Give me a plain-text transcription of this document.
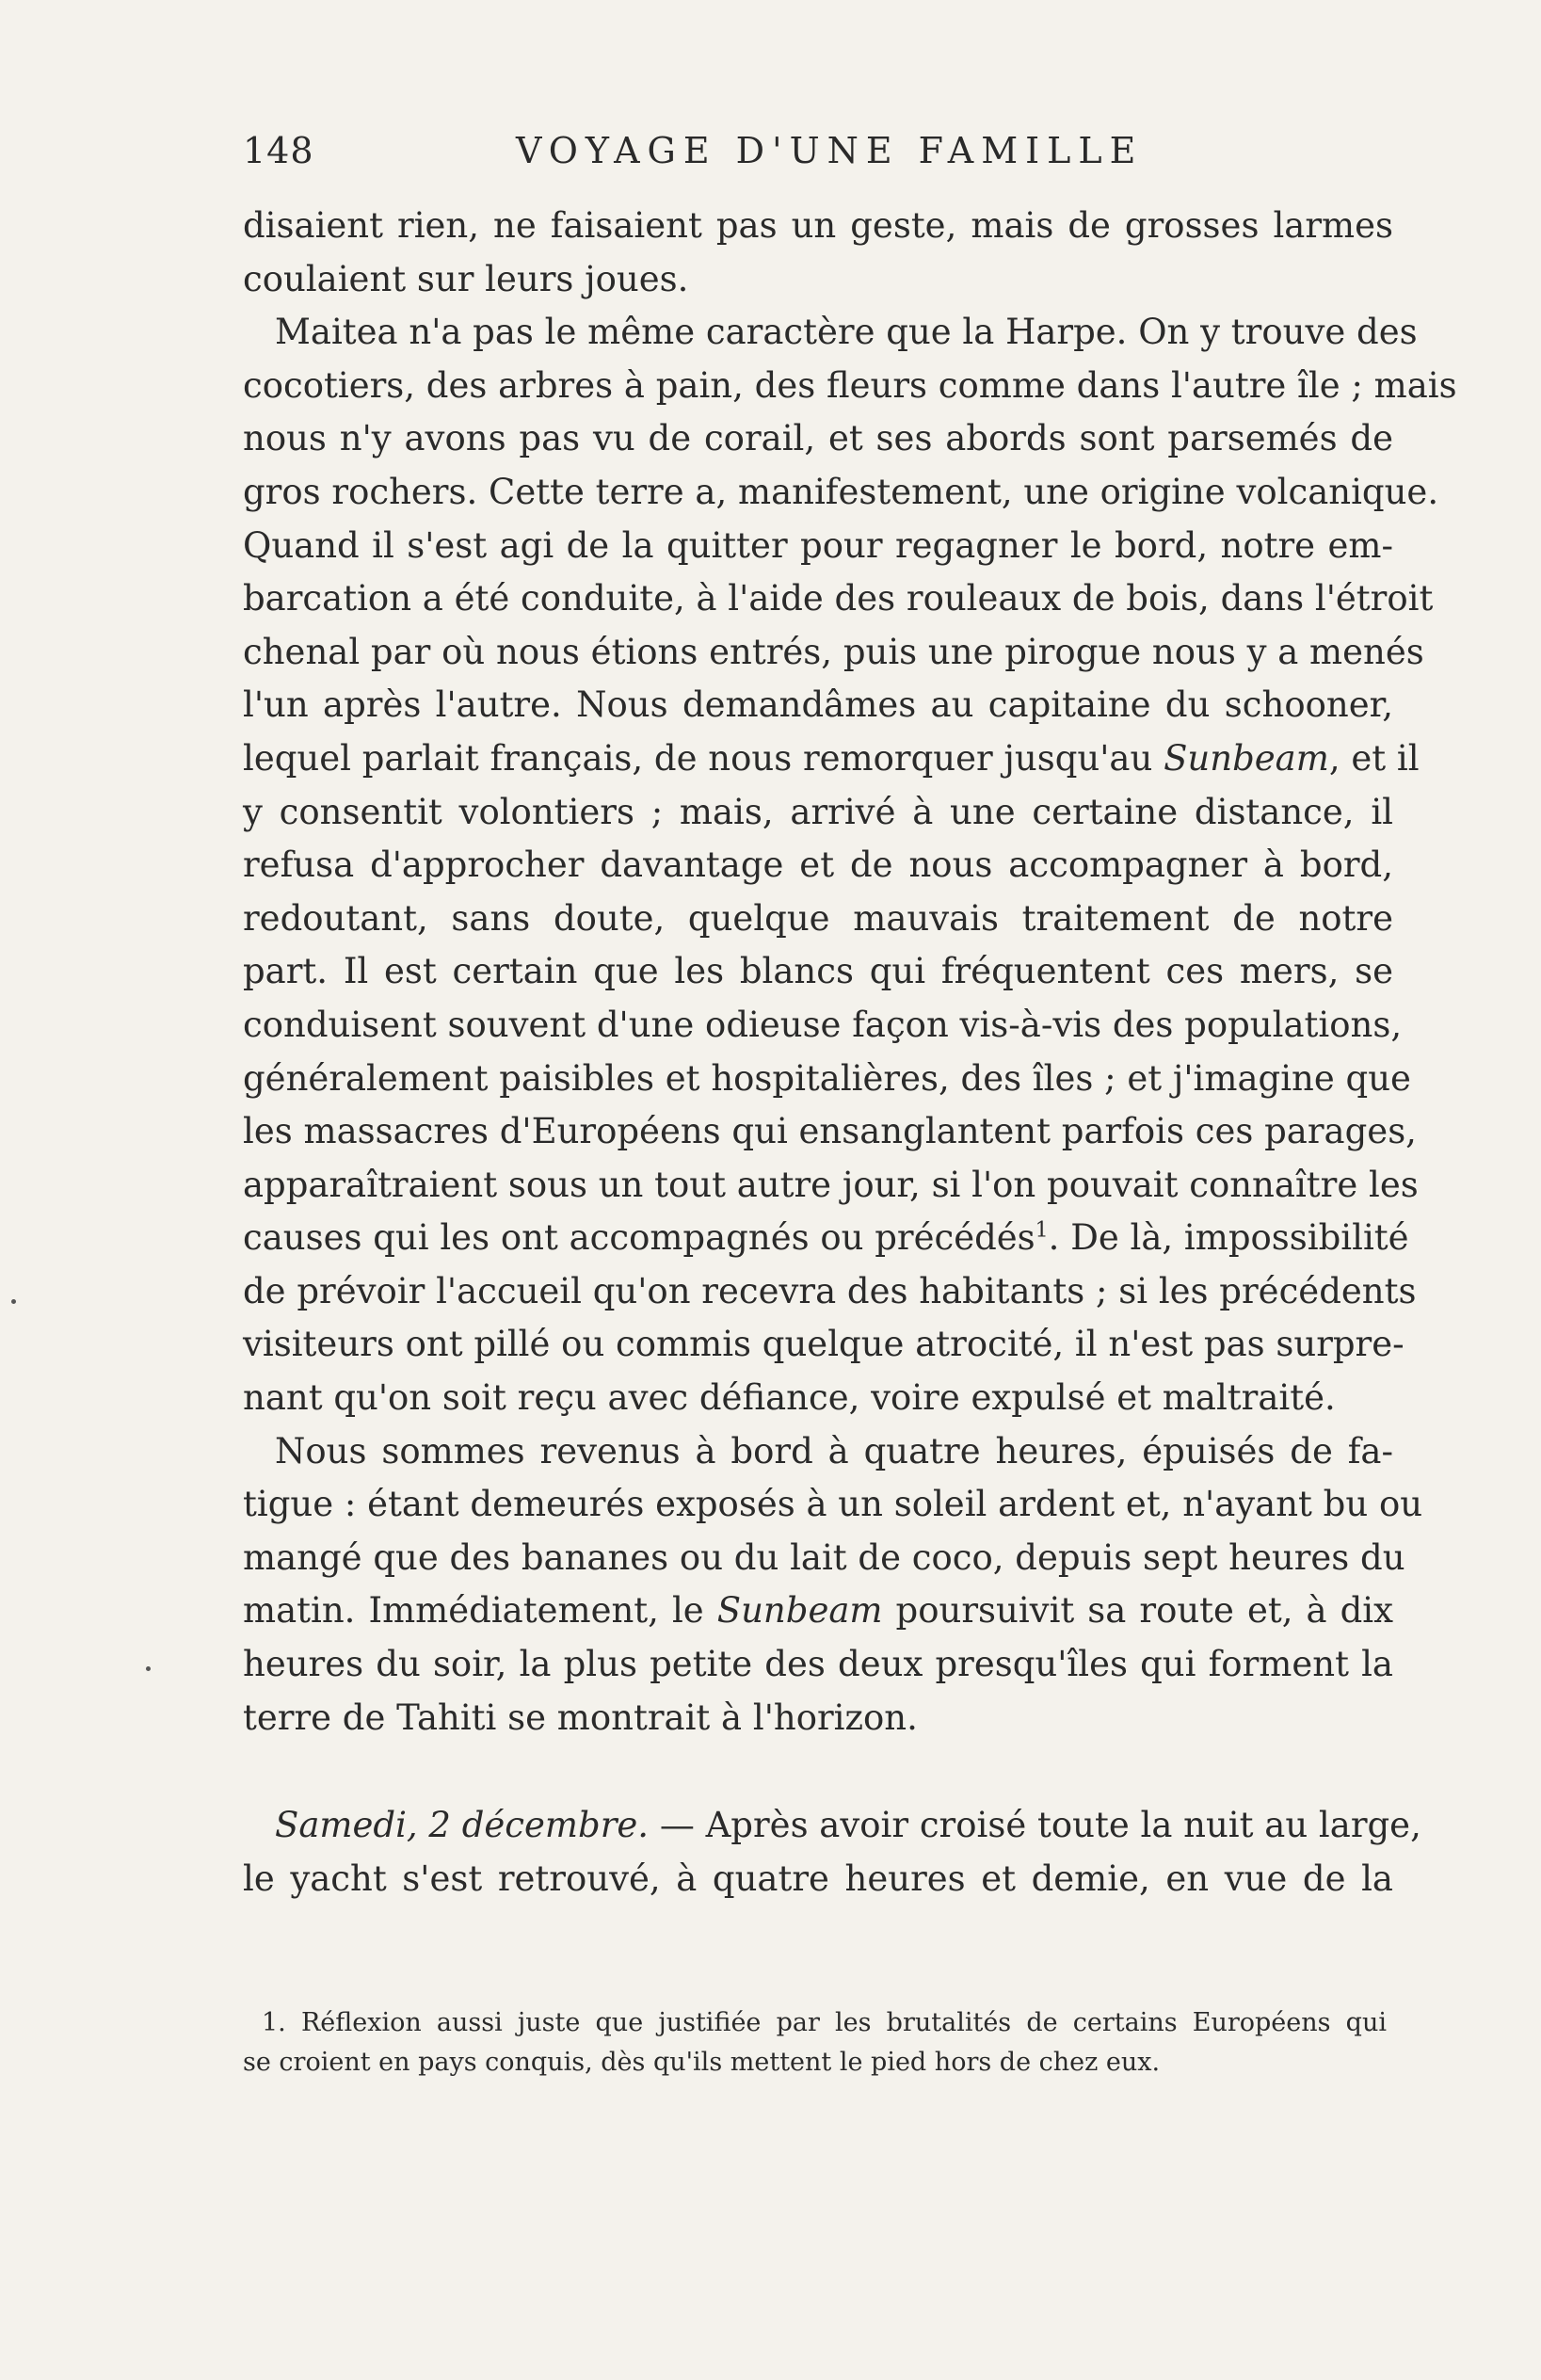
148	VOYAGE D'UNE FAMILLE
disaient rien, ne faisaient pas un geste, mais de grosses larmes
coulaient sur leurs joues.
Maitea n'a pas le même caractère que la Harpe. On y trouve des
cocotiers, des arbres à pain, des fleurs comme dans l'autre île ; mais
nous n'y avons pas vu de corail, et ses abords sont parsemés de
gros rochers. Cette terre a, manifestement, une origine volcanique.
Quand il s'est agi de la quitter pour regagner le bord, notre em-
barcation a été conduite, à l'aide des rouleaux de bois, dans l'étroit
chenal par où nous étions entrés, puis une pirogue nous y a menés
l'un après l'autre. Nous demandâmes au capitaine du schooner,
lequel parlait français, de nous remorquer jusqu'au Sunbeam, et il
y consentit volontiers ; mais, arrivé à une certaine distance, il
refusa d'approcher davantage et de nous accompagner à bord,
redoutant, sans doute, quelque mauvais traitement de notre
part. Il est certain que les blancs qui fréquentent ces mers, se
conduisent souvent d'une odieuse façon vis-à-vis des populations,
généralement paisibles et hospitalières, des îles ; et j'imagine que
les massacres d'Européens qui ensanglantent parfois ces parages,
apparaîtraient sous un tout autre jour, si l'on pouvait connaître les
causes qui les ont accompagnés ou précédés$^1$. De là, impossibilité
de prévoir l'accueil qu'on recevra des habitants ; si les précédents
visiteurs ont pillé ou commis quelque atrocité, il n'est pas surpre-
nant qu'on soit reçu avec défiance, voire expulsé et maltraité.
Nous sommes revenus à bord à quatre heures, épuisés de fa-
tigue : étant demeurés exposés à un soleil ardent et, n'ayant bu ou
mangé que des bananes ou du lait de coco, depuis sept heures du
matin. Immédiatement, le Sunbeam poursuivit sa route et, à dix
heures du soir, la plus petite des deux presqu'îles qui forment la
terre de Tahiti se montrait à l'horizon.
Samedi, 2 décembre. — Après avoir croisé toute la nuit au large,
le yacht s'est retrouvé, à quatre heures et demie, en vue de la
1. Réflexion aussi juste que justifiée par les brutalités de certains Européens qui
se croient en pays conquis, dès qu'ils mettent le pied hors de chez eux.
